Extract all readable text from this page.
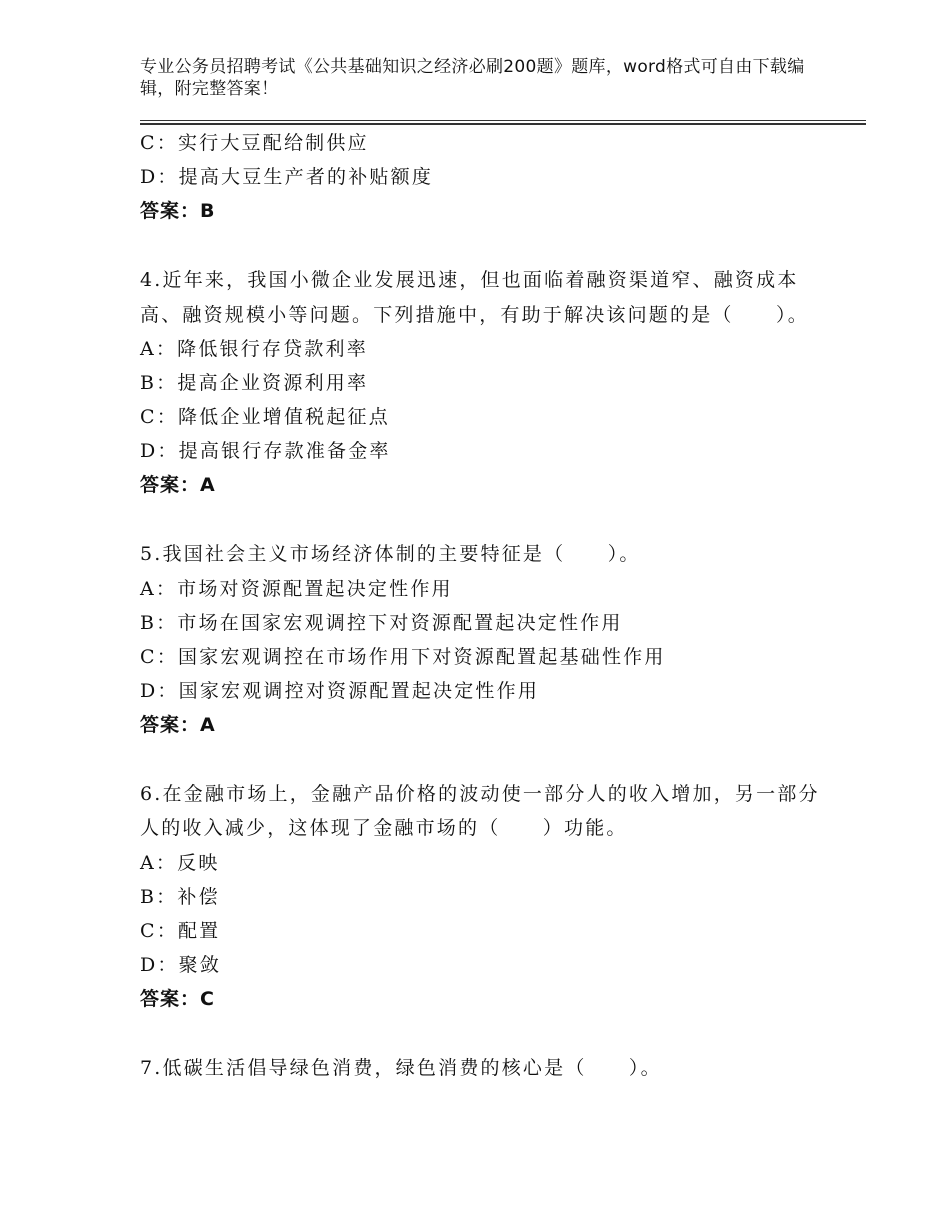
专业公务员招聘考试《公共基础知识之经济必刷200题》题库，word格式可自由下载编辑，附完整答案！
C：实行大豆配给制供应
D：提高大豆生产者的补贴额度
答案：B
4.近年来，我国小微企业发展迅速，但也面临着融资渠道窄、融资成本高、融资规模小等问题。下列措施中，有助于解决该问题的是（　　）。
A：降低银行存贷款利率
B：提高企业资源利用率
C：降低企业增值税起征点
D：提高银行存款准备金率
答案：A
5.我国社会主义市场经济体制的主要特征是（　　）。
A：市场对资源配置起决定性作用
B：市场在国家宏观调控下对资源配置起决定性作用
C：国家宏观调控在市场作用下对资源配置起基础性作用
D：国家宏观调控对资源配置起决定性作用
答案：A
6.在金融市场上，金融产品价格的波动使一部分人的收入增加，另一部分人的收入减少，这体现了金融市场的（　　）功能。
A：反映
B：补偿
C：配置
D：聚敛
答案：C
7.低碳生活倡导绿色消费，绿色消费的核心是（　　）。
